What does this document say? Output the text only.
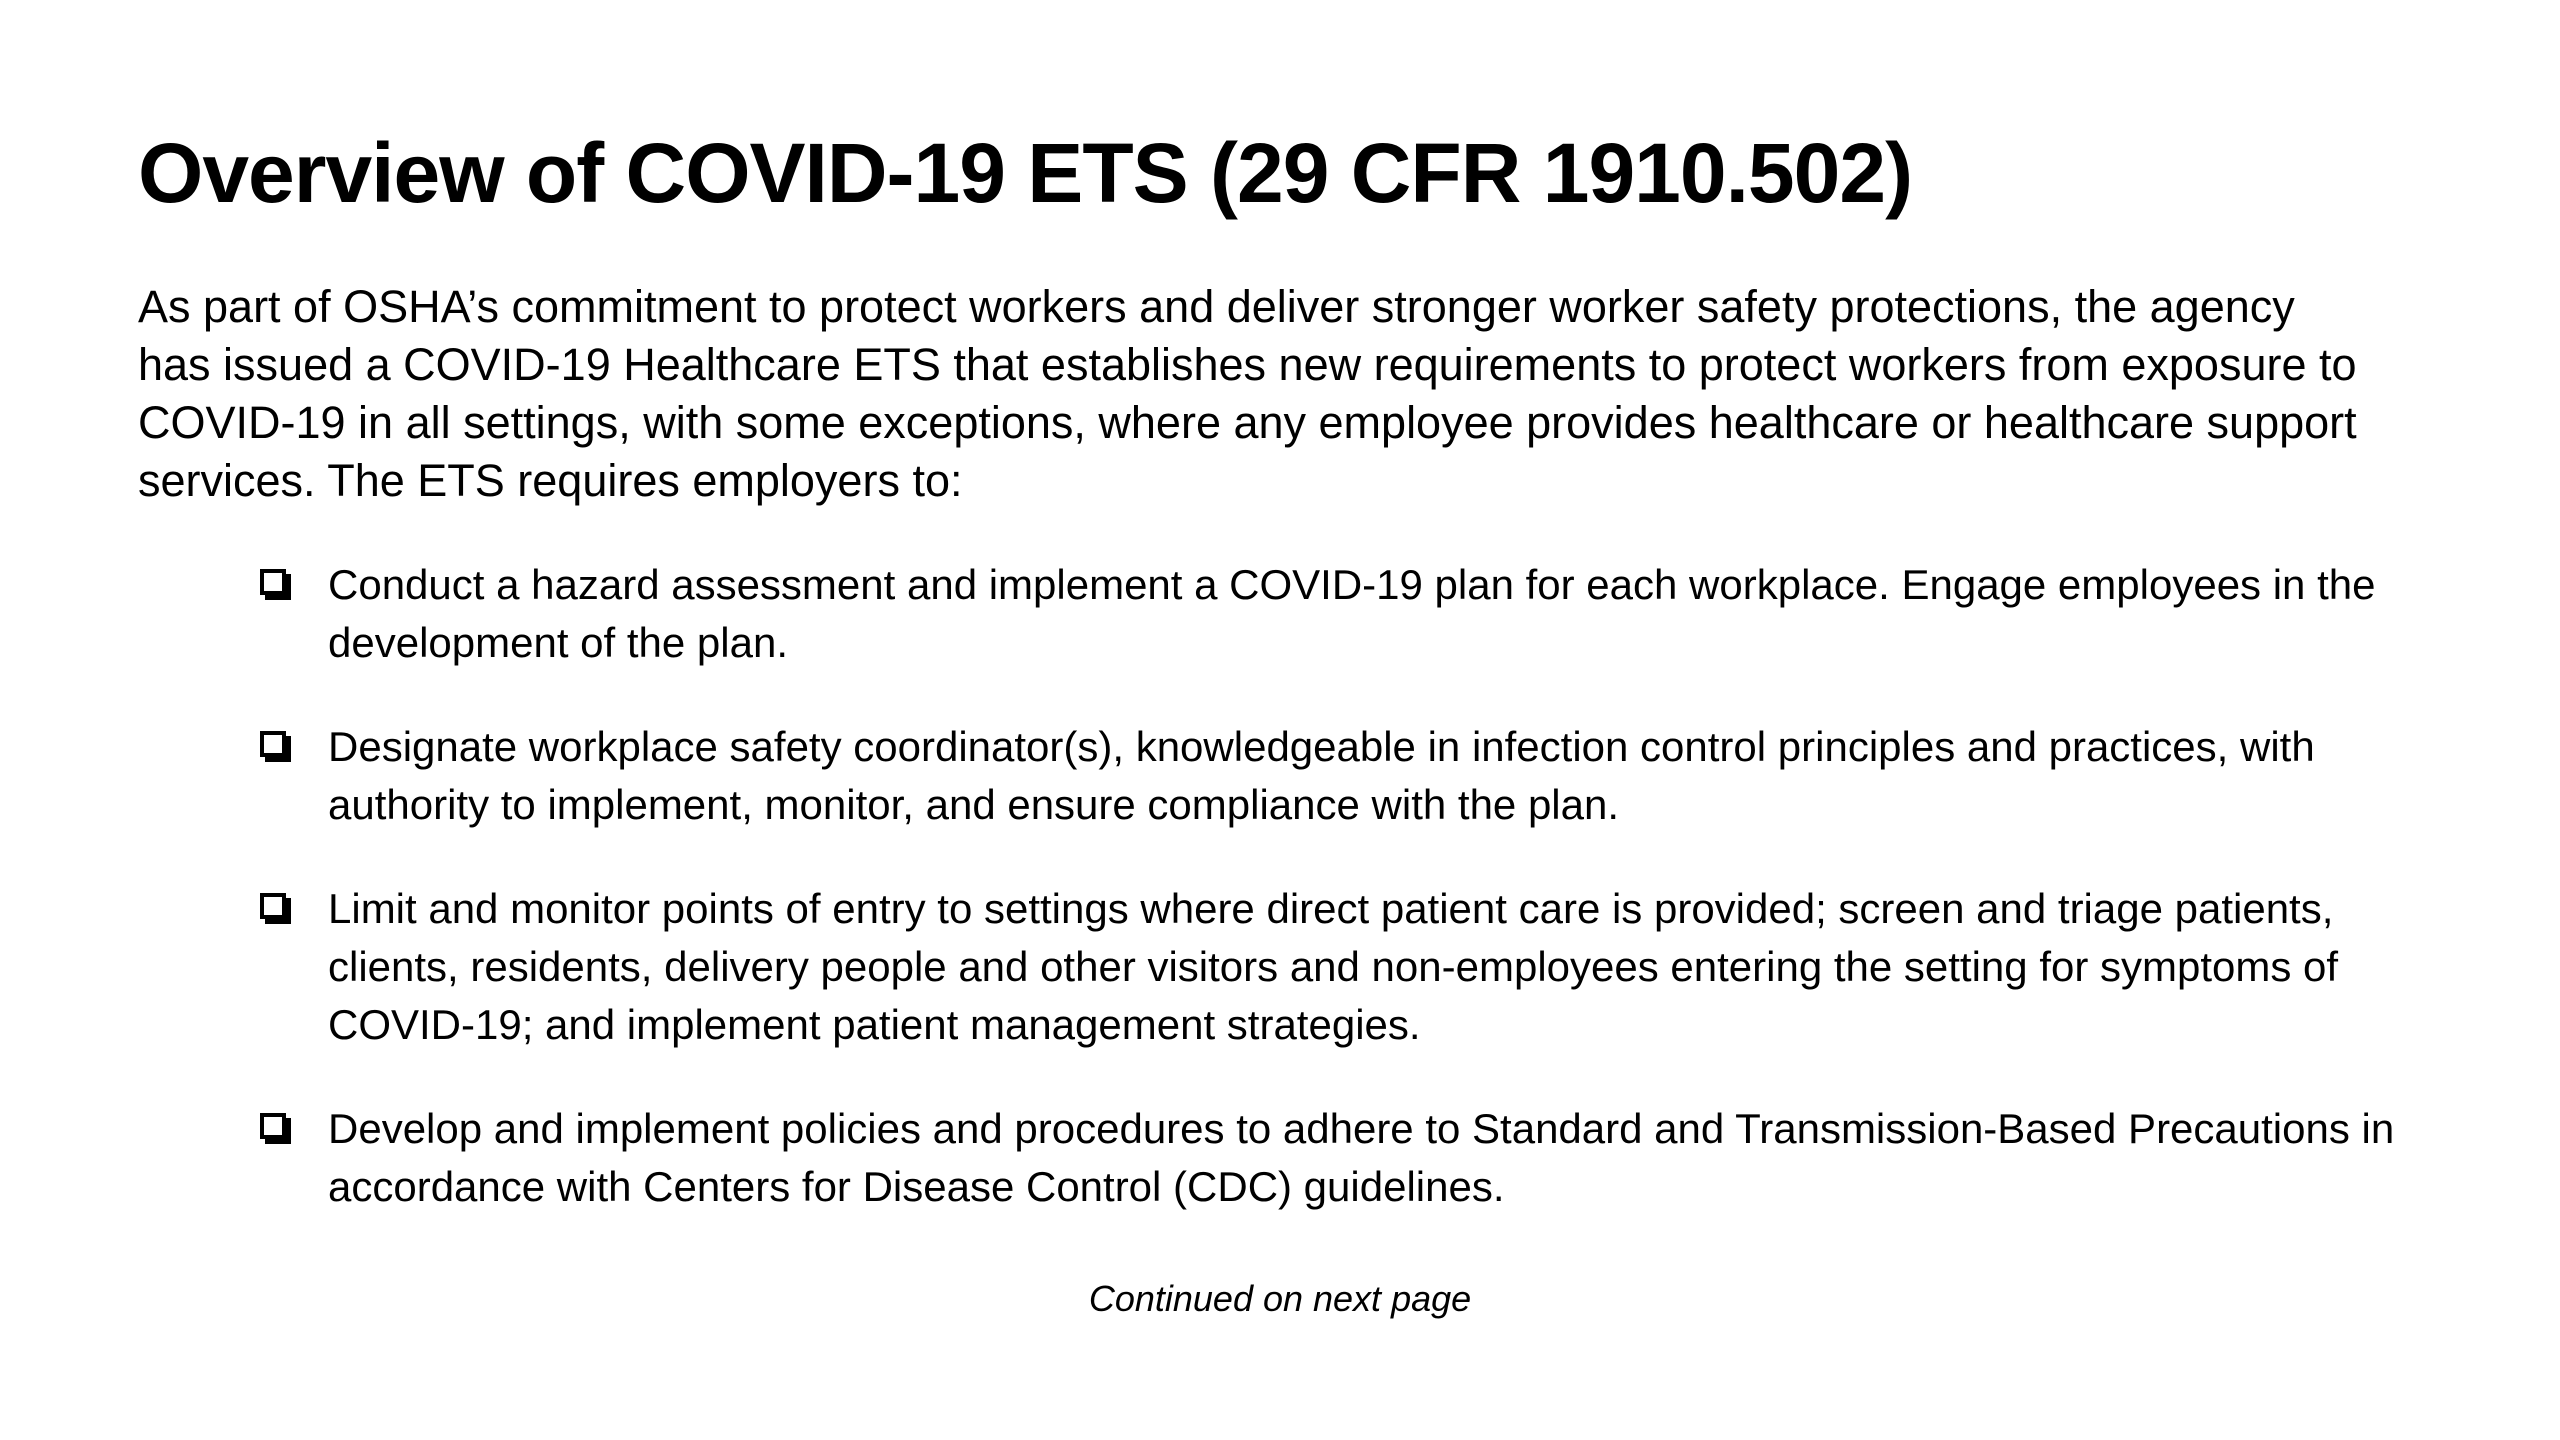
Overview of COVID-19 ETS (29 CFR 1910.502)

As part of OSHA’s commitment to protect workers and deliver stronger worker safety protections, the agency has issued a COVID-19 Healthcare ETS that establishes new requirements to protect workers from exposure to COVID-19 in all settings, with some exceptions, where any employee provides healthcare or healthcare support services. The ETS requires employers to:

Conduct a hazard assessment and implement a COVID-19 plan for each workplace. Engage employees in the development of the plan.
Designate workplace safety coordinator(s), knowledgeable in infection control principles and practices, with authority to implement, monitor, and ensure compliance with the plan.
Limit and monitor points of entry to settings where direct patient care is provided; screen and triage patients, clients, residents, delivery people and other visitors and non-employees entering the setting for symptoms of COVID-19; and implement patient management strategies.
Develop and implement policies and procedures to adhere to Standard and Transmission-Based Precautions in accordance with Centers for Disease Control (CDC) guidelines.
Continued on next page
